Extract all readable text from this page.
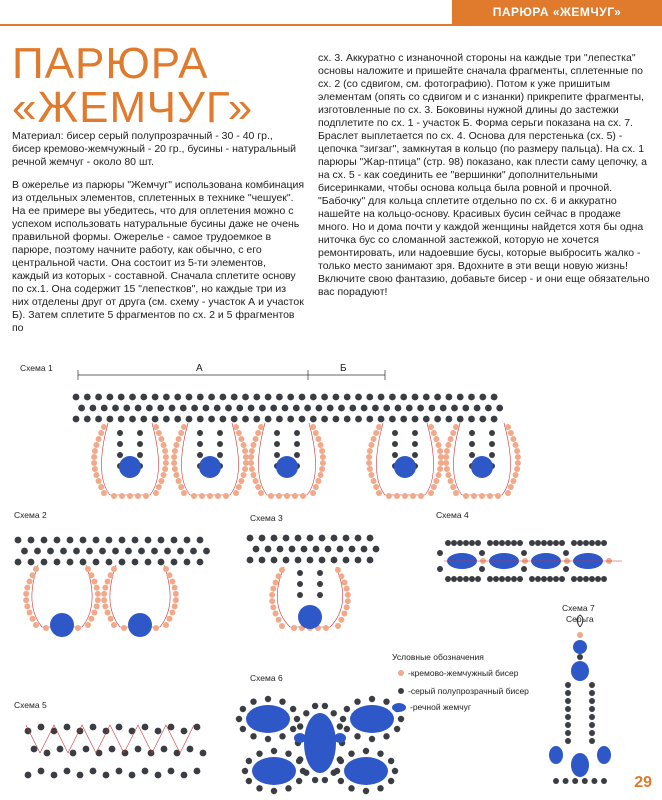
ПАРЮРА «ЖЕМЧУГ»
ПАРЮРА
«ЖЕМЧУГ»

Материал: бисер серый полупрозрачный - 30 - 40 гр., бисер кремово-жемчужный - 20 гр., бусины - натуральный речной жемчуг - около 80 шт.

В ожерелье из парюры "Жемчуг" использована комбинация из отдельных элементов, сплетенных в технике "чешуек". На ее примере вы убедитесь, что для оплетения можно с успехом использовать натуральные бусины даже не очень правильной формы. Ожерелье - самое трудоемкое в парюре, поэтому начните работу, как обычно, с его центральной части. Она состоит из 5-ти элементов, каждый из которых - составной. Сначала сплетите основу по сх.1. Она содержит 15 "лепестков", но каждые три из них отделены друг от друга (см. схему - участок А и участок Б). Затем сплетите 5 фрагментов по сх. 2 и 5 фрагментов по

сх. 3. Аккуратно с изнаночной стороны на каждые три "лепестка" основы наложите и пришейте сначала фрагменты, сплетенные по сх. 2 (со сдвигом, см. фотографию). Потом к уже пришитым элементам (опять со сдвигом и с изнанки) прикрепите фрагменты, изготовленные по сх. 3. Боковины нужной длины до застежки подплетите по сх. 1 - участок Б. Форма серьги показана на сх. 7. Браслет выплетается по сх. 4. Основа для перстенька (сх. 5) - цепочка "зигзаг", замкнутая в кольцо (по размеру пальца). На сх. 1 парюры "Жар-птица" (стр. 98) показано, как плести саму цепочку, а на сх. 5 - как соединить ее "вершинки" дополнительными бисеринками, чтобы основа кольца была ровной и прочной. "Бабочку" для кольца сплетите отдельно по сх. 6 и аккуратно нашейте на кольцо-основу. Красивых бусин сейчас в продаже много. Но и дома почти у каждой женщины найдется хотя бы одна ниточка бус со сломанной застежкой, которую не хочется ремонтировать, или надоевшие бусы, которые выбросить жалко - только место занимают зря. Вдохните в эти вещи новую жизнь! Включите свою фантазию, добавьте бисер - и они еще обязательно вас порадуют!

Схема 1	А	Б
Схема 2	Схема 3	Схема 4
Схема 5
Схема 6
Схема 7
Серьга
Условные обозначения
-кремово-жемчужный бисер
-серый полупрозрачный бисер
-речной жемчуг
29
